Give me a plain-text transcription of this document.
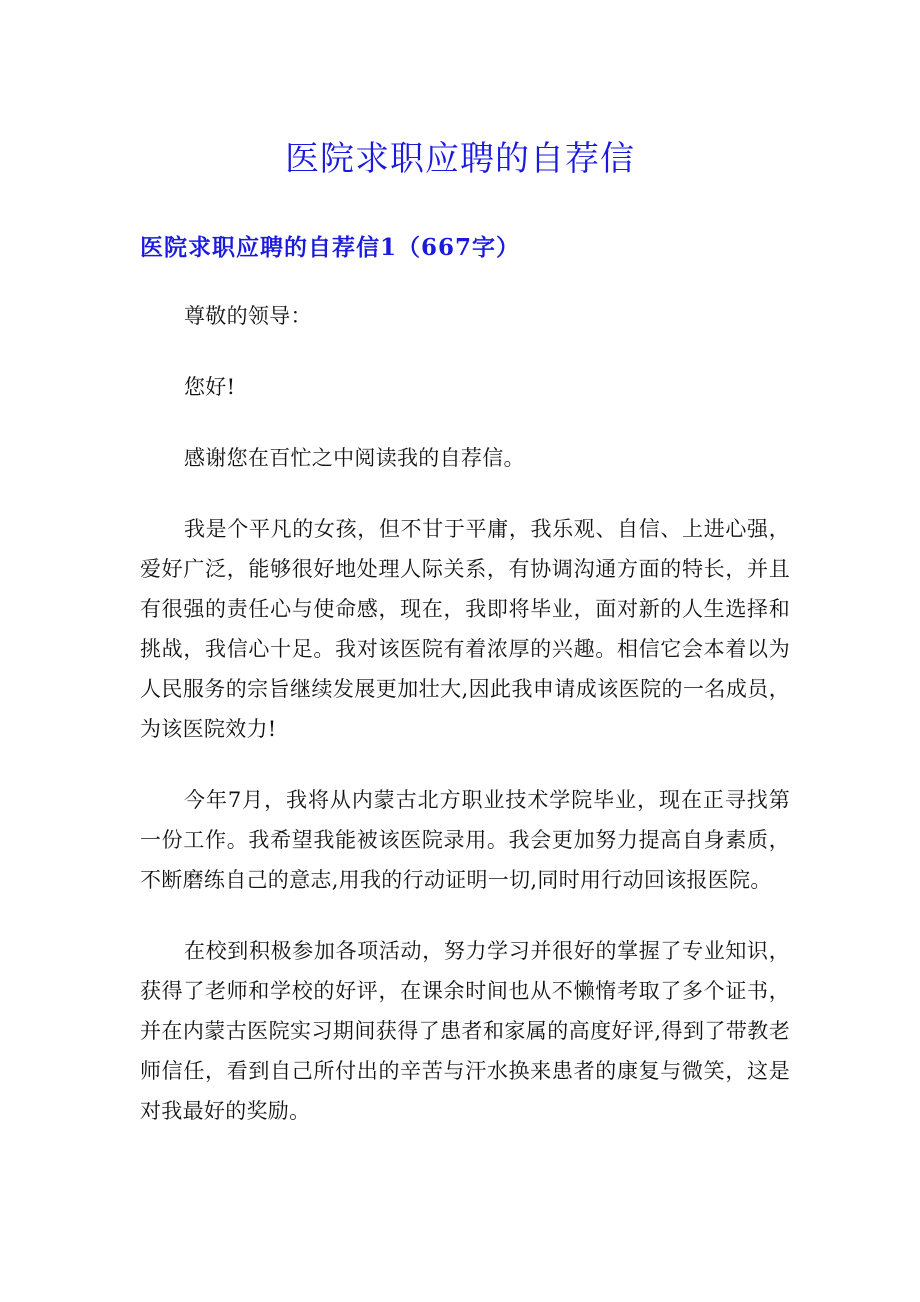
医院求职应聘的自荐信
医院求职应聘的自荐信1（667字）

尊敬的领导：

您好!

感谢您在百忙之中阅读我的自荐信。

我是个平凡的女孩，但不甘于平庸，我乐观、自信、上进心强，爱好广泛，能够很好地处理人际关系，有协调沟通方面的特长，并且有很强的责任心与使命感，现在，我即将毕业，面对新的人生选择和挑战，我信心十足。我对该医院有着浓厚的兴趣。相信它会本着以为人民服务的宗旨继续发展更加壮大,因此我申请成该医院的一名成员，为该医院效力!

今年7月，我将从内蒙古北方职业技术学院毕业，现在正寻找第一份工作。我希望我能被该医院录用。我会更加努力提高自身素质，不断磨练自己的意志,用我的行动证明一切,同时用行动回该报医院。

在校到积极参加各项活动，努力学习并很好的掌握了专业知识，获得了老师和学校的好评，在课余时间也从不懒惰考取了多个证书，并在内蒙古医院实习期间获得了患者和家属的高度好评,得到了带教老师信任，看到自己所付出的辛苦与汗水换来患者的康复与微笑，这是对我最好的奖励。
